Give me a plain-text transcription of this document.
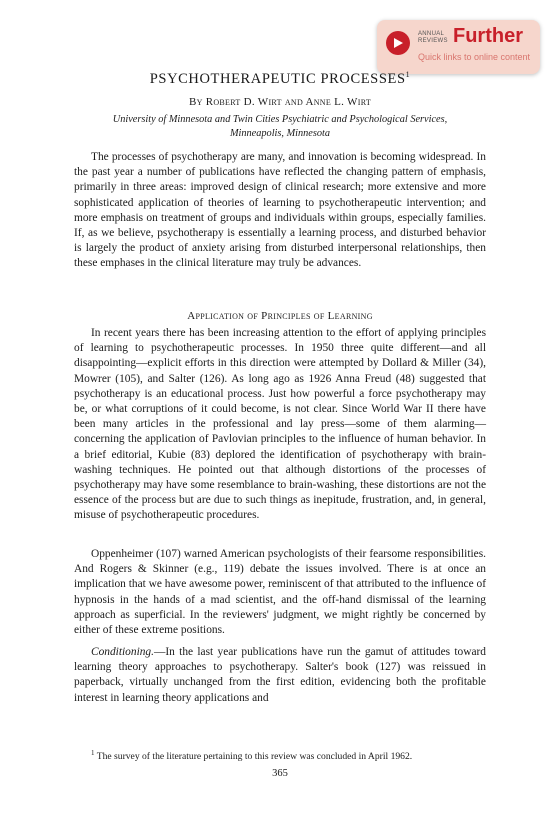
ANNUAL
REVIEWS Further
Quick links to online content
PSYCHOTHERAPEUTIC PROCESSES$^1$
By Robert D. Wirt and Anne L. Wirt
University of Minnesota and Twin Cities Psychiatric and Psychological Services,
Minneapolis, Minnesota

The processes of psychotherapy are many, and innovation is becoming widespread. In the past year a number of publications have reflected the changing pattern of emphasis, primarily in three areas: improved design of clinical research; more extensive and more sophisticated application of theories of learning to psychotherapeutic intervention; and more emphasis on treatment of groups and individuals within groups, especially families. If, as we believe, psychotherapy is essentially a learning process, and disturbed behavior is largely the product of anxiety arising from disturbed interpersonal relationships, then these emphases in the clinical literature may truly be advances.

Application of Principles of Learning

In recent years there has been increasing attention to the effort of applying principles of learning to psychotherapeutic processes. In 1950 three quite different—and all disappointing—explicit efforts in this direction were attempted by Dollard & Miller (34), Mowrer (105), and Salter (126). As long ago as 1926 Anna Freud (48) suggested that psychotherapy is an educational process. Just how powerful a force psychotherapy may be, or what corruptions of it could become, is not clear. Since World War II there have been many articles in the professional and lay press—some of them alarming—concerning the application of Pavlovian principles to the influence of human behavior. In a brief editorial, Kubie (83) deplored the identification of psychotherapy with brain-washing techniques. He pointed out that although distortions of the processes of psychotherapy may have some resemblance to brain-washing, these distortions are not the essence of the process but are due to such things as inepitude, frustration, and, in general, misuse of psychotherapeutic procedures.

Oppenheimer (107) warned American psychologists of their fearsome responsibilities. And Rogers & Skinner (e.g., 119) debate the issues involved. There is at once an implication that we have awesome power, reminiscent of that attributed to the influence of hypnosis in the hands of a mad scientist, and the off-hand dismissal of the learning approach as superficial. In the reviewers' judgment, we might rightly be concerned by either of these extreme positions.

Conditioning.—In the last year publications have run the gamut of attitudes toward learning theory approaches to psychotherapy. Salter's book (127) was reissued in paperback, virtually unchanged from the first edition, evidencing both the profitable interest in learning theory applications and

$^1$ The survey of the literature pertaining to this review was concluded in April 1962.
365
